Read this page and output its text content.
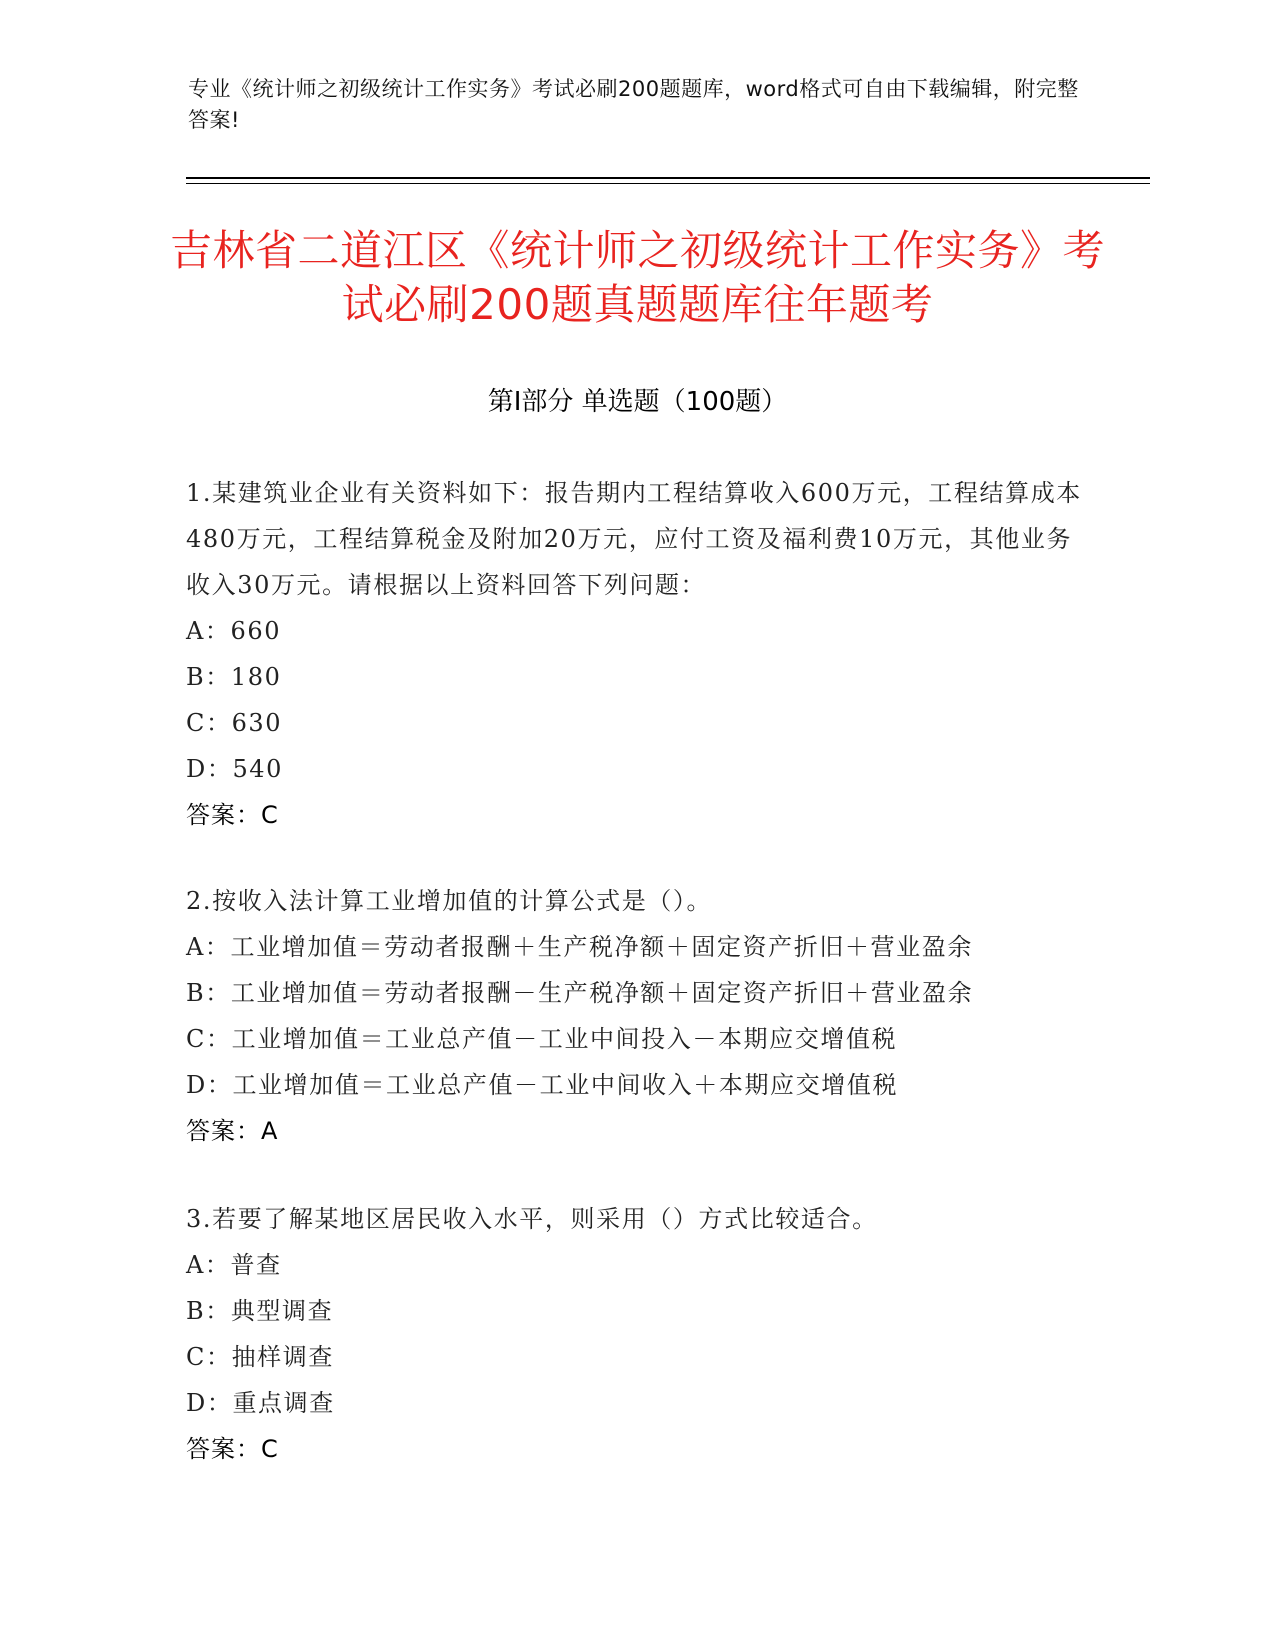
专业《统计师之初级统计工作实务》考试必刷200题题库，word格式可自由下载编辑，附完整答案!
吉林省二道江区《统计师之初级统计工作实务》考试必刷200题真题题库往年题考
第Ⅰ部分 单选题（100题）
1.某建筑业企业有关资料如下：报告期内工程结算收入600万元，工程结算成本480万元，工程结算税金及附加20万元，应付工资及福利费10万元，其他业务收入30万元。请根据以上资料回答下列问题：
A：660
B：180
C：630
D：540
答案：C
2.按收入法计算工业增加值的计算公式是（）。
A：工业增加值＝劳动者报酬＋生产税净额＋固定资产折旧＋营业盈余
B：工业增加值＝劳动者报酬－生产税净额＋固定资产折旧＋营业盈余
C：工业增加值＝工业总产值－工业中间投入－本期应交增值税
D：工业增加值＝工业总产值－工业中间收入＋本期应交增值税
答案：A
3.若要了解某地区居民收入水平，则采用（）方式比较适合。
A：普查
B：典型调查
C：抽样调查
D：重点调查
答案：C
